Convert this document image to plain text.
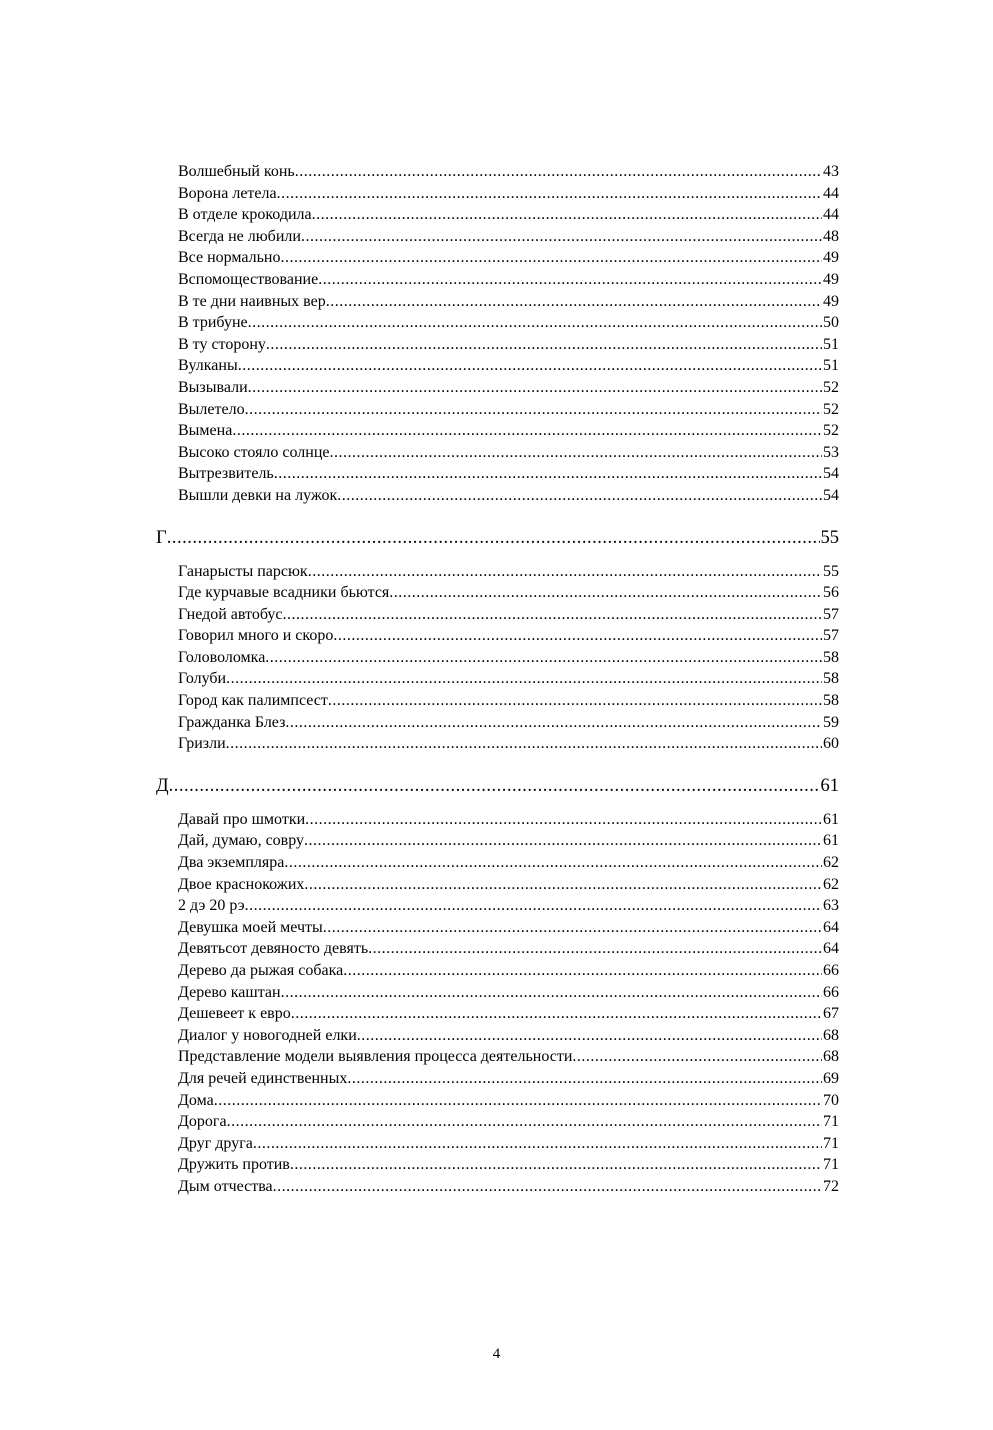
Волшебный конь .....	43
Ворона летела .....	44
В отделе крокодила .....	44
Всегда не любили .....	48
Все нормально .....	49
Вспомоществование .....	49
В те дни наивных вер .....	49
В трибуне .....	50
В ту сторону .....	51
Вулканы .....	51
Вызывали .....	52
Вылетело .....	52
Вымена .....	52
Высоко стояло солнце .....	53
Вытрезвитель .....	54
Вышли девки на лужок .....	54
Г .....	55
Ганарысты парсюк .....	55
Где курчавые всадники бьются .....	56
Гнедой автобус .....	57
Говорил много и скоро .....	57
Головоломка .....	58
Голуби .....	58
Город как палимпсест .....	58
Гражданка Блез .....	59
Гризли .....	60
Д .....	61
Давай про шмотки .....	61
Дай, думаю, совру .....	61
Два экземпляра .....	62
Двое краснокожих .....	62
2 дэ 20 рэ .....	63
Девушка моей мечты .....	64
Девятьсот девяносто девять .....	64
Дерево да рыжая собака .....	66
Дерево каштан .....	66
Дешевеет к евро .....	67
Диалог у новогодней елки .....	68
Представление модели выявления процесса деятельности .....	68
Для речей единственных .....	69
Дома .....	70
Дорога .....	71
Друг друга .....	71
Дружить против .....	71
Дым отчества .....	72
4
